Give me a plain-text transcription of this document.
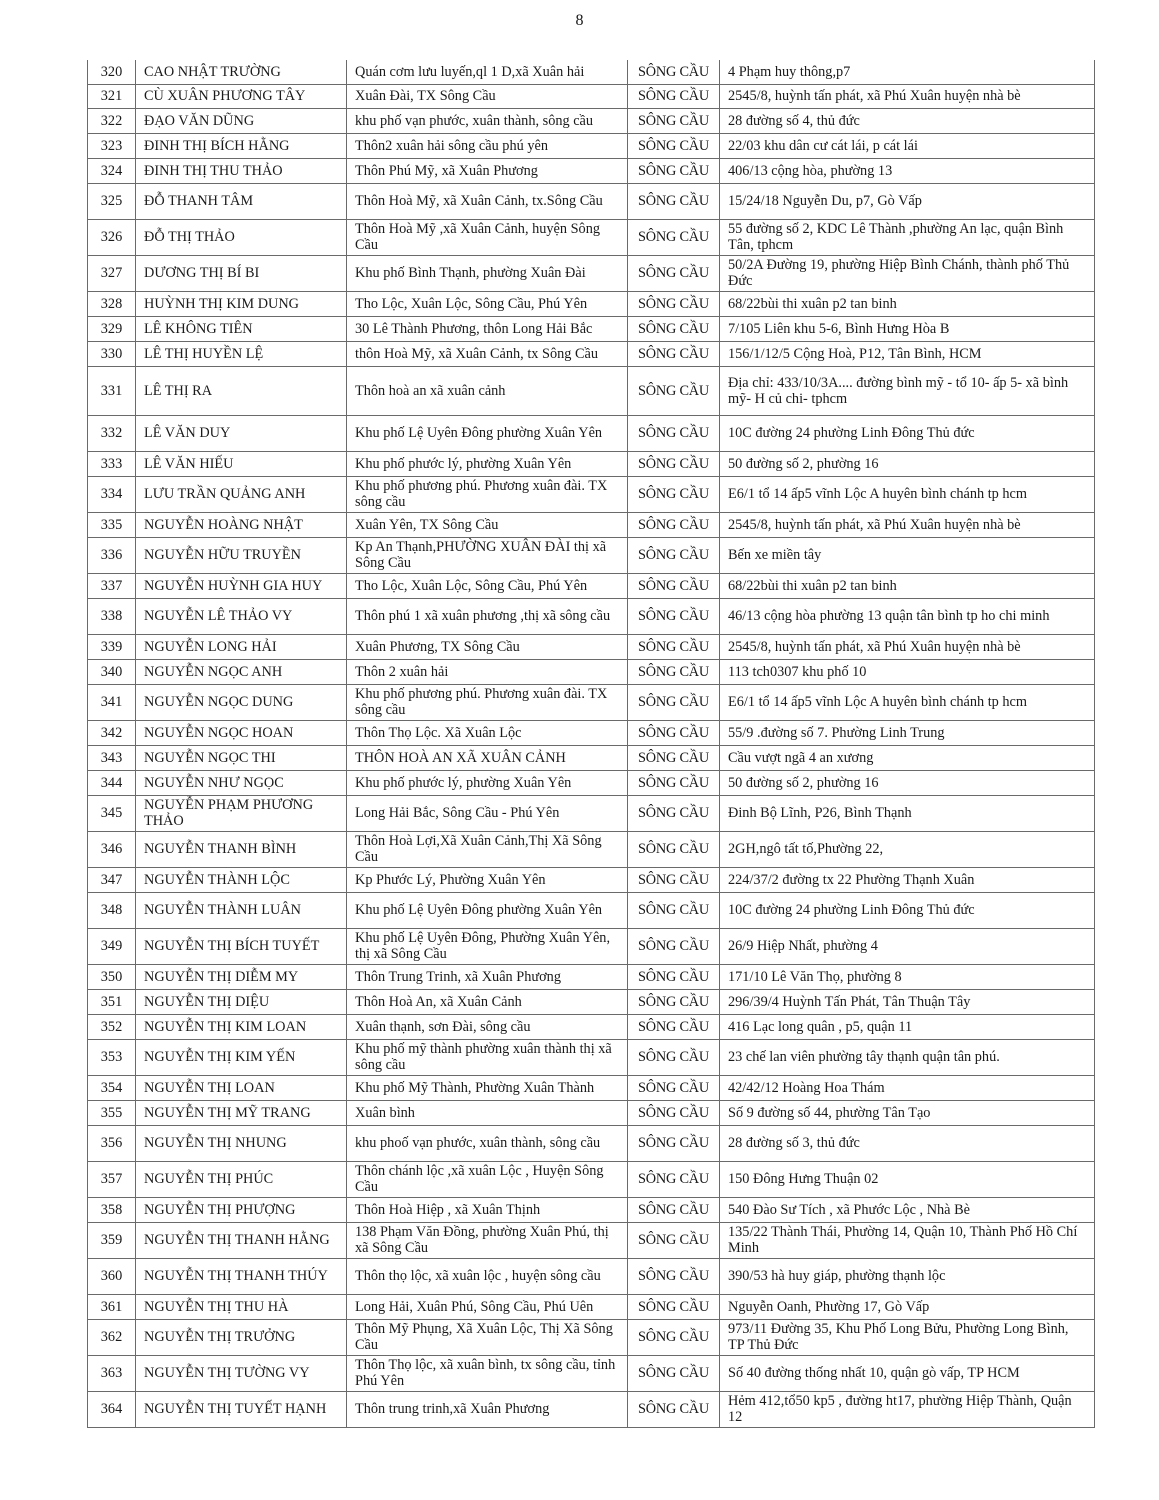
8
320	CAO NHẬT TRƯỜNG	Quán cơm lưu luyến,ql 1 D,xã Xuân hải	SÔNG CẦU	4 Phạm huy thông,p7
321	CÙ XUÂN PHƯƠNG TÂY	Xuân Đài, TX Sông Cầu	SÔNG CẦU	2545/8, huỳnh tấn phát, xã Phú Xuân huyện nhà bè
322	ĐẠO VĂN DŨNG	khu phố vạn phước, xuân thành, sông cầu	SÔNG CẦU	28 đường số 4, thủ đức
323	ĐINH THỊ BÍCH HẰNG	Thôn2 xuân hải sông cầu phú yên	SÔNG CẦU	22/03 khu dân cư cát lái, p cát lái
324	ĐINH THỊ THU THẢO	Thôn Phú Mỹ, xã Xuân Phương	SÔNG CẦU	406/13 cộng hòa, phường 13
325	ĐỖ THANH TÂM	Thôn Hoà Mỹ, xã Xuân Cảnh, tx.Sông Cầu	SÔNG CẦU	15/24/18 Nguyễn Du, p7, Gò Vấp
326	ĐỖ THỊ THẢO	Thôn Hoà Mỹ ,xã Xuân Cảnh, huyện Sông Cầu	SÔNG CẦU	55 đường số 2, KDC Lê Thành ,phường An lạc, quận Bình Tân, tphcm
327	DƯƠNG THỊ BÍ BI	Khu phố Bình Thạnh, phường Xuân Đài	SÔNG CẦU	50/2A Đường 19, phường Hiệp Bình Chánh, thành phố Thủ Đức
328	HUỲNH THỊ KIM DUNG	Tho Lộc, Xuân Lộc, Sông Cầu, Phú Yên	SÔNG CẦU	68/22bùi thi xuân p2 tan binh
329	LÊ KHÔNG TIÊN	30 Lê Thành Phương, thôn Long Hải Bắc	SÔNG CẦU	7/105 Liên khu 5-6, Bình Hưng Hòa B
330	LÊ THỊ HUYỀN LỆ	thôn Hoà Mỹ, xã Xuân Cảnh, tx Sông Cầu	SÔNG CẦU	156/1/12/5 Cộng Hoà, P12, Tân Bình, HCM
331	LÊ THỊ RA	Thôn hoà an xã xuân cảnh	SÔNG CẦU	Địa chỉ: 433/10/3A.... đường bình mỹ - tổ 10- ấp 5- xã bình mỹ- H củ chi- tphcm
332	LÊ VĂN DUY	Khu phố Lệ Uyên Đông phường Xuân Yên	SÔNG CẦU	10C đường 24 phường Linh Đông Thủ đức
333	LÊ VĂN HIẾU	Khu phố phước lý, phường Xuân Yên	SÔNG CẦU	50 đường số 2, phường 16
334	LƯU TRẦN QUẢNG ANH	Khu phố phương phú. Phương xuân đài. TX sông cầu	SÔNG CẦU	E6/1 tổ 14 ấp5 vĩnh Lộc A huyên bình chánh tp hcm
335	NGUYỄN HOÀNG NHẬT	Xuân Yên, TX Sông Cầu	SÔNG CẦU	2545/8, huỳnh tấn phát, xã Phú Xuân huyện nhà bè
336	NGUYỄN HỮU TRUYỀN	Kp An Thạnh,PHƯỜNG XUÂN ĐÀI thị xã Sông Cầu	SÔNG CẦU	Bến xe miền tây
337	NGUYỄN HUỲNH GIA HUY	Tho Lộc, Xuân Lộc, Sông Cầu, Phú Yên	SÔNG CẦU	68/22bùi thi xuân p2 tan binh
338	NGUYỄN LÊ THẢO VY	Thôn phú 1 xã xuân phương ,thị xã sông cầu	SÔNG CẦU	46/13 cộng hòa phường 13 quận tân bình tp ho chi minh
339	NGUYỄN LONG HẢI	Xuân Phương, TX Sông Cầu	SÔNG CẦU	2545/8, huỳnh tấn phát, xã Phú Xuân huyện nhà bè
340	NGUYỄN NGỌC ANH	Thôn 2 xuân hải	SÔNG CẦU	113 tch0307 khu phố 10
341	NGUYỄN NGỌC DUNG	Khu phố phương phú. Phương xuân đài. TX sông cầu	SÔNG CẦU	E6/1 tổ 14 ấp5 vĩnh Lộc A huyên bình chánh tp hcm
342	NGUYỄN NGỌC HOAN	Thôn Thọ Lộc. Xã Xuân Lộc	SÔNG CẦU	55/9 .đường số 7. Phường Linh Trung
343	NGUYỄN NGỌC THI	THÔN HOÀ AN XÃ XUÂN CẢNH	SÔNG CẦU	Cầu vượt ngã 4 an xương
344	NGUYỄN NHƯ NGỌC	Khu phố phước lý, phường Xuân Yên	SÔNG CẦU	50 đường số 2, phường 16
345	NGUYỄN PHẠM PHƯƠNG THẢO	Long Hải Bắc, Sông Cầu - Phú Yên	SÔNG CẦU	Đinh Bộ Lĩnh, P26, Bình Thạnh
346	NGUYỄN THANH BÌNH	Thôn Hoà Lợi,Xã Xuân Cảnh,Thị Xã Sông Cầu	SÔNG CẦU	2GH,ngô tất tố,Phường 22,
347	NGUYỄN THÀNH LỘC	Kp Phước Lý, Phường Xuân Yên	SÔNG CẦU	224/37/2 đường tx 22 Phường Thạnh Xuân
348	NGUYỄN THÀNH LUÂN	Khu phố Lệ Uyên Đông phường Xuân Yên	SÔNG CẦU	10C đường 24 phường Linh Đông Thủ đức
349	NGUYỄN THỊ BÍCH TUYẾT	Khu phố Lệ Uyên Đông, Phường Xuân Yên, thị xã Sông Cầu	SÔNG CẦU	26/9 Hiệp Nhất, phường 4
350	NGUYỄN THỊ DIỄM MY	Thôn Trung Trinh, xã Xuân Phương	SÔNG CẦU	171/10 Lê Văn Thọ, phường 8
351	NGUYỄN THỊ DIỆU	Thôn Hoà An, xã Xuân Cảnh	SÔNG CẦU	296/39/4 Huỳnh Tấn Phát, Tân Thuận Tây
352	NGUYỄN THỊ KIM LOAN	Xuân thạnh, sơn Đài, sông cầu	SÔNG CẦU	416 Lạc long quân , p5, quận 11
353	NGUYỄN THỊ KIM YẾN	Khu phố mỹ thành phường xuân thành thị xã sông cầu	SÔNG CẦU	23 chế lan viên phường tây thạnh quận tân phú.
354	NGUYỄN THỊ LOAN	Khu phố Mỹ Thành, Phường Xuân Thành	SÔNG CẦU	42/42/12 Hoàng Hoa Thám
355	NGUYỄN THỊ MỸ TRANG	Xuân bình	SÔNG CẦU	Số 9 đường số 44, phường Tân Tạo
356	NGUYỄN THỊ NHUNG	khu phoố vạn phước, xuân thành, sông cầu	SÔNG CẦU	28 đường số 3, thủ đức
357	NGUYỄN THỊ PHÚC	Thôn chánh lộc ,xã xuân Lộc , Huyện Sông Cầu	SÔNG CẦU	150 Đông Hưng Thuận 02
358	NGUYỄN THỊ PHƯỢNG	Thôn Hoà Hiệp , xã Xuân Thịnh	SÔNG CẦU	540 Đào Sư Tích , xã Phước Lộc , Nhà Bè
359	NGUYỄN THỊ THANH HẰNG	138 Phạm Văn Đồng, phường Xuân Phú, thị xã Sông Cầu	SÔNG CẦU	135/22 Thành Thái, Phường 14, Quận 10, Thành Phố Hồ Chí Minh
360	NGUYỄN THỊ THANH THÚY	Thôn thọ lộc, xã xuân lộc , huyện sông cầu	SÔNG CẦU	390/53 hà huy giáp, phường thạnh lộc
361	NGUYỄN THỊ THU HÀ	Long Hải, Xuân Phú, Sông Cầu, Phú Uên	SÔNG CẦU	Nguyễn Oanh, Phường 17, Gò Vấp
362	NGUYỄN THỊ TRƯỞNG	Thôn Mỹ Phụng, Xã Xuân Lộc, Thị Xã Sông Cầu	SÔNG CẦU	973/11 Đường 35, Khu Phố Long Bửu, Phường Long Bình, TP Thủ Đức
363	NGUYỄN THỊ TƯỜNG VY	Thôn Thọ lộc, xã xuân bình, tx sông cầu, tỉnh Phú Yên	SÔNG CẦU	Số 40 đường thống nhất 10, quận gò vấp, TP HCM
364	NGUYỄN THỊ TUYẾT HẠNH	Thôn trung trinh,xã Xuân Phương	SÔNG CẦU	Hẻm 412,tổ50 kp5 , đường ht17, phường Hiệp Thành, Quận 12
